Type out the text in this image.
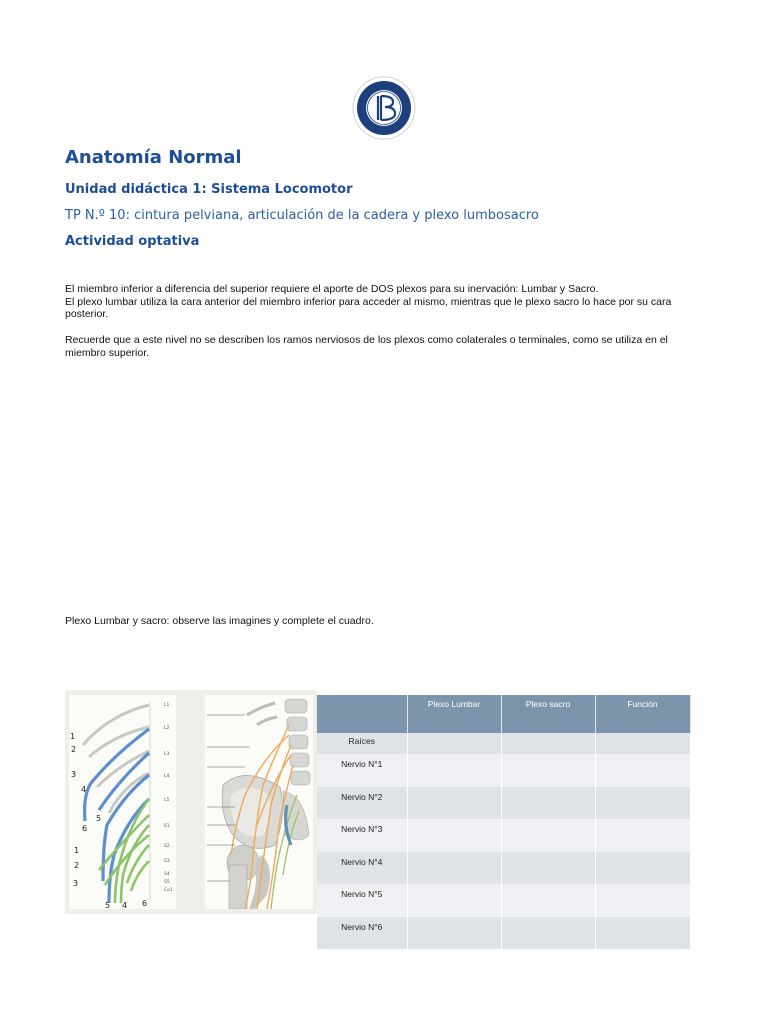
Anatomía Normal
Unidad didáctica 1: Sistema Locomotor
TP N.º 10: cintura pelviana, articulación de la cadera y plexo lumbosacro
Actividad optativa

El miembro inferior a diferencia del superior requiere el aporte de DOS plexos para su inervación: Lumbar y Sacro.

El plexo lumbar utiliza la cara anterior del miembro inferior para acceder al mismo, mientras que le plexo sacro lo hace por su cara posterior.

Recuerde que a este nivel no se describen los ramos nerviosos de los plexos como colaterales o terminales, como se utiliza en el miembro superior.

Plexo Lumbar y sacro: observe las imagines y complete el cuadro.

L1
L2
L3
L4
L5
S1
S2
S3
S4
S5
Co1
1
2
3
4
5
6
1
2
3
5 4 6
	Plexo Lumbar	Plexo sacro	Función
Raíces			
Nervio N°1			
Nervio N°2			
Nervio N°3			
Nervio N°4			
Nervio N°5			
Nervio N°6			
